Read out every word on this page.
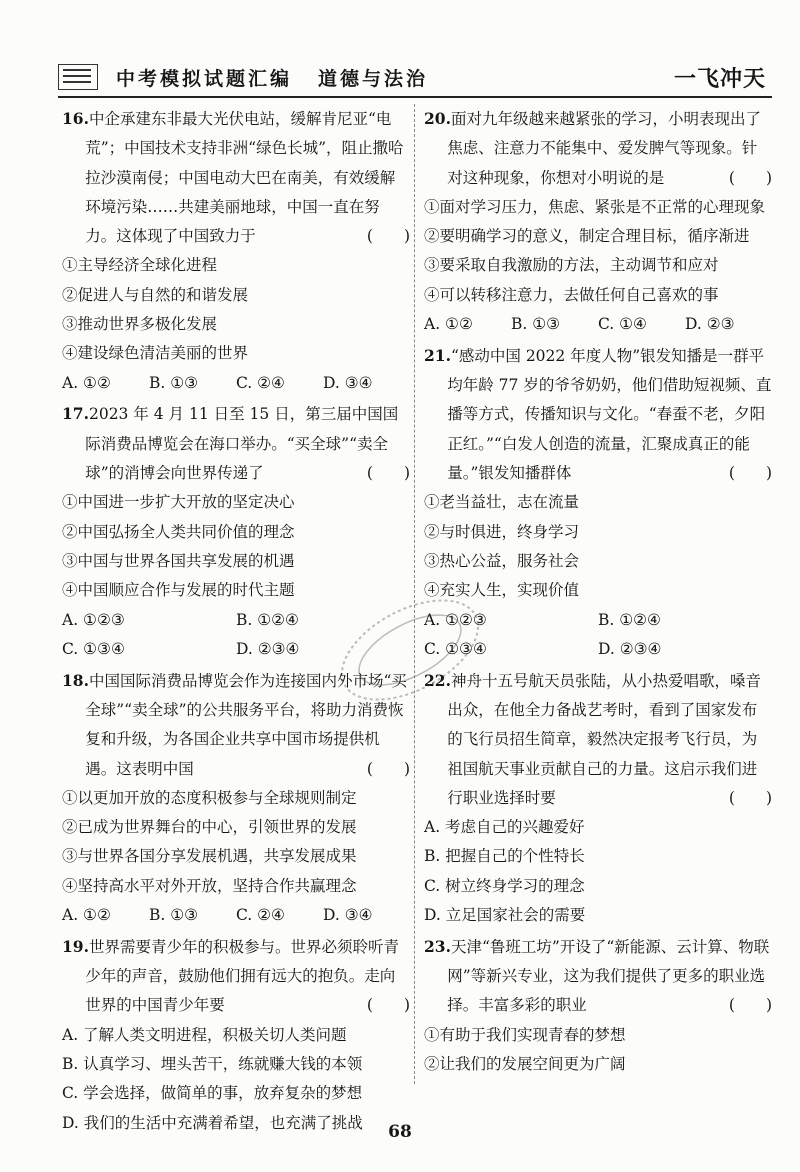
中考模拟试题汇编 道德与法治	一飞冲天
16.中企承建东非最大光伏电站，缓解肯尼亚“电荒”；中国技术支持非洲“绿色长城”，阻止撒哈拉沙漠南侵；中国电动大巴在南美，有效缓解环境污染……共建美丽地球，中国一直在努力。这体现了中国致力于	(　　)
①主导经济全球化进程
②促进人与自然的和谐发展
③推动世界多极化发展
④建设绿色清洁美丽的世界
A. ①②	B. ①③	C. ②④	D. ③④
17.2023 年 4 月 11 日至 15 日，第三届中国国际消费品博览会在海口举办。“买全球”“卖全球”的消博会向世界传递了	(　　)
①中国进一步扩大开放的坚定决心
②中国弘扬全人类共同价值的理念
③中国与世界各国共享发展的机遇
④中国顺应合作与发展的时代主题
A. ①②③	B. ①②④
C. ①③④	D. ②③④
18.中国国际消费品博览会作为连接国内外市场“买全球”“卖全球”的公共服务平台，将助力消费恢复和升级，为各国企业共享中国市场提供机遇。这表明中国	(　　)
①以更加开放的态度积极参与全球规则制定
②已成为世界舞台的中心，引领世界的发展
③与世界各国分享发展机遇，共享发展成果
④坚持高水平对外开放，坚持合作共赢理念
A. ①②	B. ①③	C. ②④	D. ③④
19.世界需要青少年的积极参与。世界必须聆听青少年的声音，鼓励他们拥有远大的抱负。走向世界的中国青少年要	(　　)
A. 了解人类文明进程，积极关切人类问题
B. 认真学习、埋头苦干，练就赚大钱的本领
C. 学会选择，做简单的事，放弃复杂的梦想
D. 我们的生活中充满着希望，也充满了挑战
20.面对九年级越来越紧张的学习，小明表现出了焦虑、注意力不能集中、爱发脾气等现象。针对这种现象，你想对小明说的是	(　　)
①面对学习压力，焦虑、紧张是不正常的心理现象
②要明确学习的意义，制定合理目标，循序渐进
③要采取自我激励的方法，主动调节和应对
④可以转移注意力，去做任何自己喜欢的事
A. ①②	B. ①③	C. ①④	D. ②③
21.“感动中国 2022 年度人物”银发知播是一群平均年龄 77 岁的爷爷奶奶，他们借助短视频、直播等方式，传播知识与文化。“春蚕不老，夕阳正红。”“白发人创造的流量，汇聚成真正的能量。”银发知播群体	(　　)
①老当益壮，志在流量
②与时俱进，终身学习
③热心公益，服务社会
④充实人生，实现价值
A. ①②③	B. ①②④
C. ①③④	D. ②③④
22.神舟十五号航天员张陆，从小热爱唱歌，嗓音出众，在他全力备战艺考时，看到了国家发布的飞行员招生简章，毅然决定报考飞行员，为祖国航天事业贡献自己的力量。这启示我们进行职业选择时要	(　　)
A. 考虑自己的兴趣爱好
B. 把握自己的个性特长
C. 树立终身学习的理念
D. 立足国家社会的需要
23.天津“鲁班工坊”开设了“新能源、云计算、物联网”等新兴专业，这为我们提供了更多的职业选择。丰富多彩的职业	(　　)
①有助于我们实现青春的梦想
②让我们的发展空间更为广阔
68
